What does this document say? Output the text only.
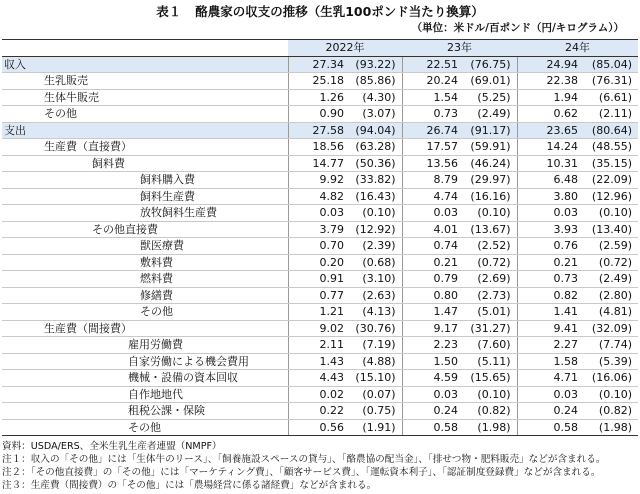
表１ 酪農家の収支の推移（生乳100ポンド当たり換算）
（単位：米ドル/百ポンド（円/キログラム））
	2022年		23年		24年	

収入	27.34	(93.22)	22.51	(76.75)	24.94	(85.04)

生乳販売	25.18	(85.86)	20.24	(69.01)	22.38	(76.31)

生体牛販売	1.26	(4.30)	1.54	(5.25)	1.94	(6.61)

その他	0.90	(3.07)	0.73	(2.49)	0.62	(2.11)

支出	27.58	(94.04)	26.74	(91.17)	23.65	(80.64)

生産費（直接費）	18.56	(63.28)	17.57	(59.91)	14.24	(48.55)

飼料費	14.77	(50.36)	13.56	(46.24)	10.31	(35.15)

飼料購入費	9.92	(33.82)	8.79	(29.97)	6.48	(22.09)

飼料生産費	4.82	(16.43)	4.74	(16.16)	3.80	(12.96)

放牧飼料生産費	0.03	(0.10)	0.03	(0.10)	0.03	(0.10)

その他直接費	3.79	(12.92)	4.01	(13.67)	3.93	(13.40)

獣医療費	0.70	(2.39)	0.74	(2.52)	0.76	(2.59)

敷料費	0.20	(0.68)	0.21	(0.72)	0.21	(0.72)

燃料費	0.91	(3.10)	0.79	(2.69)	0.73	(2.49)

修繕費	0.77	(2.63)	0.80	(2.73)	0.82	(2.80)

その他	1.21	(4.13)	1.47	(5.01)	1.41	(4.81)

生産費（間接費）	9.02	(30.76)	9.17	(31.27)	9.41	(32.09)

雇用労働費	2.11	(7.19)	2.23	(7.60)	2.27	(7.74)

自家労働による機会費用	1.43	(4.88)	1.50	(5.11)	1.58	(5.39)

機械・設備の資本回収	4.43	(15.10)	4.59	(15.65)	4.71	(16.06)

自作地地代	0.02	(0.07)	0.03	(0.10)	0.03	(0.10)

租税公課・保険	0.22	(0.75)	0.24	(0.82)	0.24	(0.82)

その他	0.56	(1.91)	0.58	(1.98)	0.58	(1.98)
資料：USDA/ERS、全米生乳生産者連盟（NMPF）
注１：収入の「その他」には「生体牛のリース」、「飼養施設スペースの貸与」、「酪農協の配当金」、「排せつ物・肥料販売」などが含まれる。
注２：「その他直接費」の「その他」には「マーケティング費」、「顧客サービス費」、「運転資本利子」、「認証制度登録費」などが含まれる。
注３：生産費（間接費）の「その他」には「農場経営に係る諸経費」などが含まれる。
